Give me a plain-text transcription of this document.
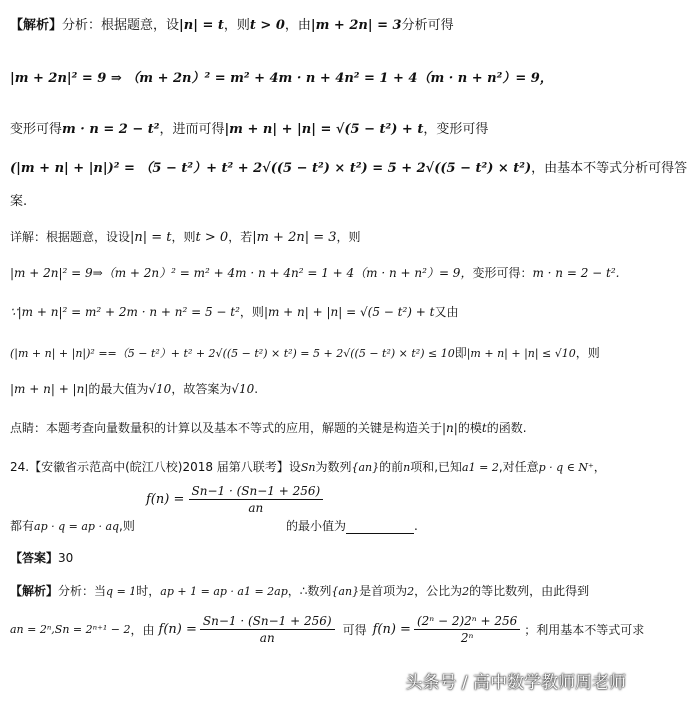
【解析】分析：根据题意，设|n| = t，则t > 0，由|m + 2n| = 3分析可得
|m + 2n|² = 9 ⇒ （m + 2n）² = m² + 4m · n + 4n² = 1 + 4（m · n + n²）= 9，
变形可得m · n = 2 − t²，进而可得|m + n| + |n| = √(5 − t²) + t，变形可得
(|m + n| + |n|)² = （5 − t²）+ t² + 2√((5 − t²) × t²) = 5 + 2√((5 − t²) × t²)，由基本不等式分析可得答
案.
详解：根据题意，设设|n| = t，则t > 0，若|m + 2n| = 3，则
|m + 2n|² = 9⇒（m + 2n）² = m² + 4m · n + 4n² = 1 + 4（m · n + n²）= 9，变形可得：m · n = 2 − t².
∵|m + n|² = m² + 2m · n + n² = 5 − t²，则|m + n| + |n| = √(5 − t²) + t又由
(|m + n| + |n|)² ==（5 − t²）+ t² + 2√((5 − t²) × t²) = 5 + 2√((5 − t²) × t²) ≤ 10即|m + n| + |n| ≤ √10，则
|m + n| + |n|的最大值为√10，故答案为√10.
点睛：本题考查向量数量积的计算以及基本不等式的应用，解题的关键是构造关于|n|的模t的函数.
24.【安徽省示范高中(皖江八校)2018 届第八联考】设Sn为数列{an}的前n项和,已知a1 = 2,对任意p · q ∈ N⁺，
$f(n) = \frac{Sn-1 \cdot (Sn-1 + 256)}{an}$
都有ap · q = ap · aq,则	的最小值为	.
【答案】30
【解析】分析：当q = 1时，ap + 1 = ap · a1 = 2ap，∴数列{an}是首项为2，公比为2的等比数列，由此得到
an = 2ⁿ,Sn = 2ⁿ⁺¹ − 2 ，由 $f(n) = \frac{Sn-1 \cdot (Sn-1 + 256)}{an}$ 可得 $f(n) = \frac{\text{(2ⁿ − 2)2ⁿ + 256}}{\text{2ⁿ}}$ ；利用基本不等式可求
头条号 / 高中数学教师周老师
